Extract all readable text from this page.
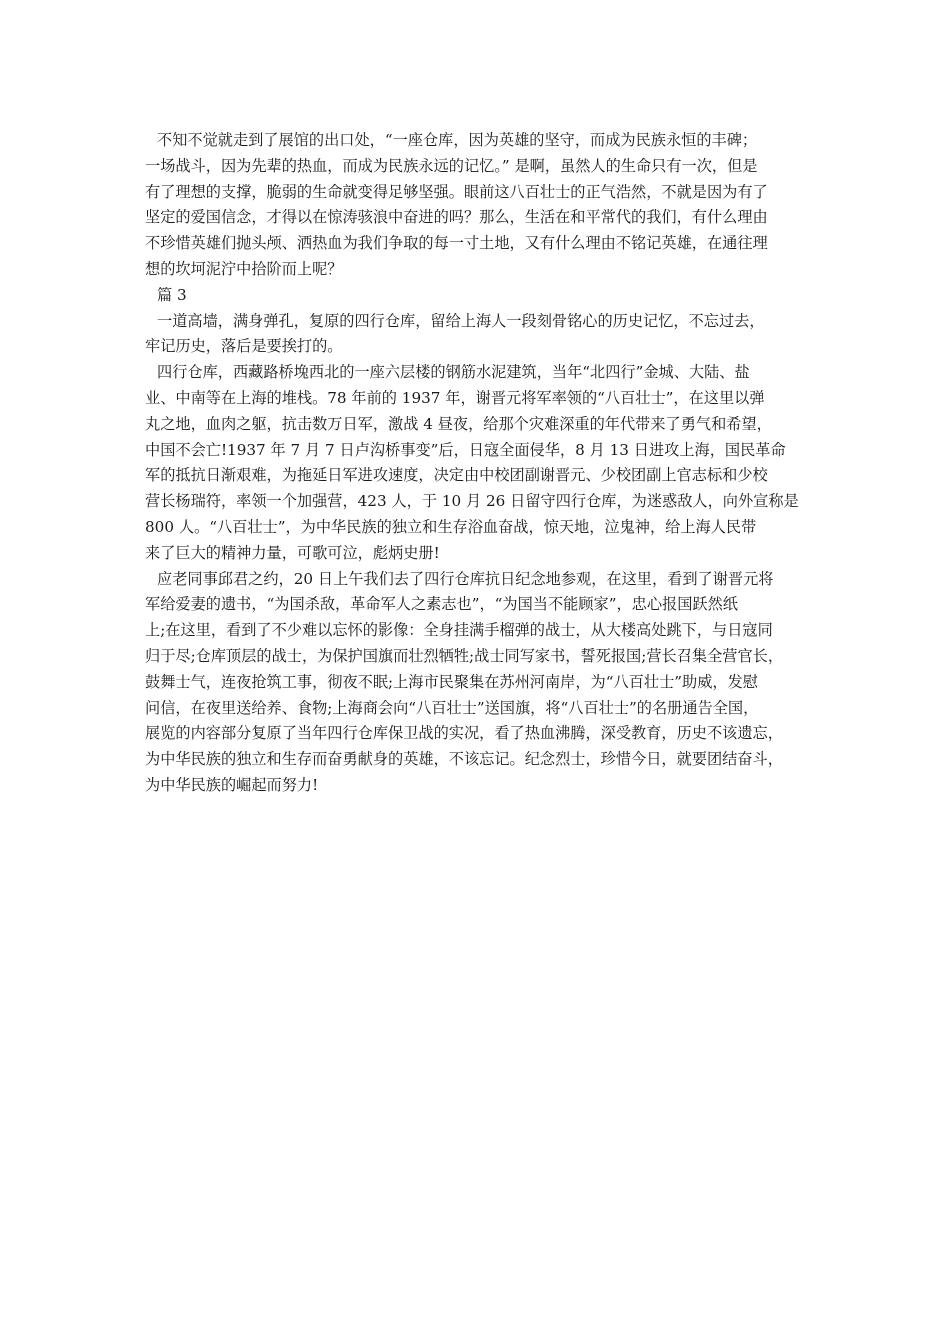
不知不觉就走到了展馆的出口处，“一座仓库，因为英雄的坚守，而成为民族永恒的丰碑；
一场战斗，因为先辈的热血，而成为民族永远的记忆。” 是啊，虽然人的生命只有一次，但是
有了理想的支撑，脆弱的生命就变得足够坚强。眼前这八百壮士的正气浩然，不就是因为有了
坚定的爱国信念，才得以在惊涛骇浪中奋进的吗？那么，生活在和平常代的我们，有什么理由
不珍惜英雄们抛头颅、洒热血为我们争取的每一寸土地，又有什么理由不铭记英雄，在通往理
想的坎坷泥泞中拾阶而上呢？
篇 3
一道高墙，满身弹孔，复原的四行仓库，留给上海人一段刻骨铭心的历史记忆，不忘过去，
牢记历史，落后是要挨打的。
四行仓库，西藏路桥堍西北的一座六层楼的钢筋水泥建筑，当年“北四行”金城、大陆、盐
业、中南等在上海的堆栈。78 年前的 1937 年，谢晋元将军率领的“八百壮士”，在这里以弹
丸之地，血肉之躯，抗击数万日军，激战 4 昼夜，给那个灾难深重的年代带来了勇气和希望，
中国不会亡!1937 年 7 月 7 日卢沟桥事变”后，日寇全面侵华，8 月 13 日进攻上海，国民革命
军的抵抗日渐艰难，为拖延日军进攻速度，决定由中校团副谢晋元、少校团副上官志标和少校
营长杨瑞符，率领一个加强营，423 人，于 10 月 26 日留守四行仓库，为迷惑敌人，向外宣称是
800 人。“八百壮士”，为中华民族的独立和生存浴血奋战，惊天地，泣鬼神，给上海人民带
来了巨大的精神力量，可歌可泣，彪炳史册!
应老同事邱君之约，20 日上午我们去了四行仓库抗日纪念地参观，在这里，看到了谢晋元将
军给爱妻的遗书，“为国杀敌，革命军人之素志也”，“为国当不能顾家”，忠心报国跃然纸
上;在这里，看到了不少难以忘怀的影像：全身挂满手榴弹的战士，从大楼高处跳下，与日寇同
归于尽;仓库顶层的战士，为保护国旗而壮烈牺牲;战士同写家书，誓死报国;营长召集全营官长，
鼓舞士气，连夜抢筑工事，彻夜不眠;上海市民聚集在苏州河南岸，为“八百壮士”助威，发慰
问信，在夜里送给养、食物;上海商会向“八百壮士”送国旗，将“八百壮士”的名册通告全国，
展览的内容部分复原了当年四行仓库保卫战的实况，看了热血沸腾，深受教育，历史不该遗忘，
为中华民族的独立和生存而奋勇献身的英雄，不该忘记。纪念烈士，珍惜今日，就要团结奋斗，
为中华民族的崛起而努力!
